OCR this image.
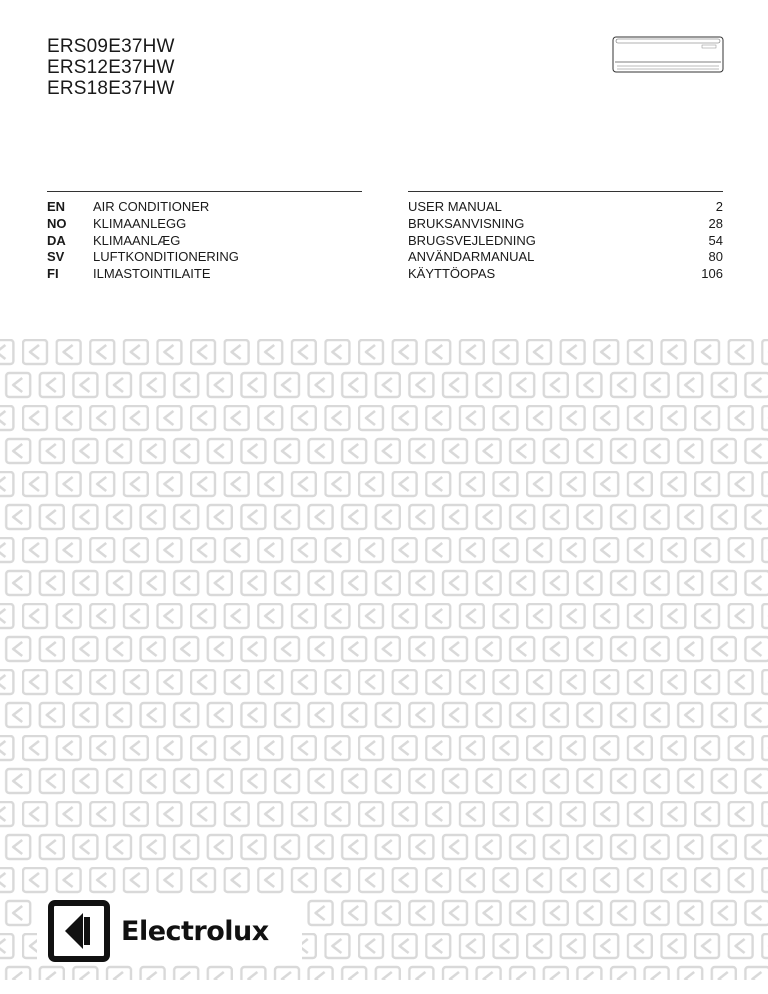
ERS09E37HW
ERS12E37HW
ERS18E37HW
EN AIR CONDITIONER	USER MANUAL	2
NO KLIMAANLEGG	BRUKSANVISNING	28
DA KLIMAANLÆG	BRUGSVEJLEDNING	54
SV LUFTKONDITIONERING	ANVÄNDARMANUAL	80
FI	ILMASTOINTILAITE	KÄYTTÖOPAS	106
Electrolux
